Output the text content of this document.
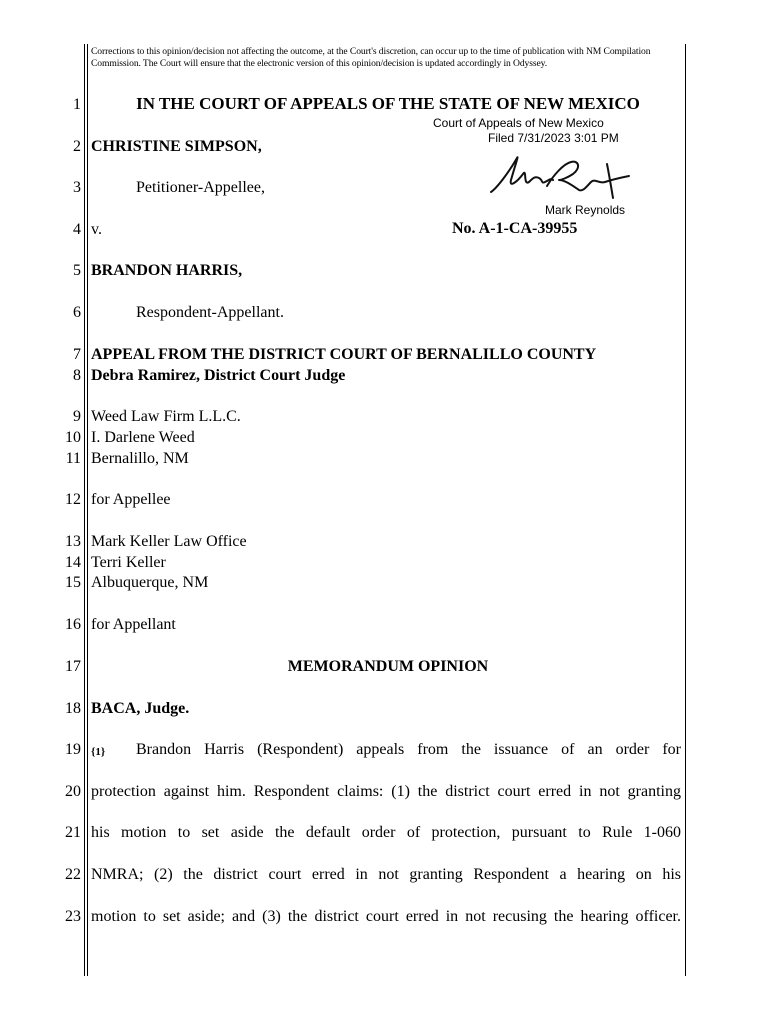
Corrections to this opinion/decision not affecting the outcome, at the Court's discretion, can occur up to the time of publication with NM Compilation Commission. The Court will ensure that the electronic version of this opinion/decision is updated accordingly in Odyssey.
1
2
3
4
5
6
7
8
9
10
11
12
13
14
15
16
17
18
19
20
21
22
23
IN THE COURT OF APPEALS OF THE STATE OF NEW MEXICO
Court of Appeals of New Mexico
Filed 7/31/2023 3:01 PM
Mark Reynolds
CHRISTINE SIMPSON,
Petitioner-Appellee,
v.	No. A-1-CA-39955
BRANDON HARRIS,
Respondent-Appellant.
APPEAL FROM THE DISTRICT COURT OF BERNALILLO COUNTY
Debra Ramirez, District Court Judge
Weed Law Firm L.L.C.
I. Darlene Weed
Bernalillo, NM
for Appellee
Mark Keller Law Office
Terri Keller
Albuquerque, NM
for Appellant
MEMORANDUM OPINION
BACA, Judge.
{1} Brandon Harris (Respondent) appeals from the issuance of an order for
protection against him. Respondent claims: (1) the district court erred in not granting
his motion to set aside the default order of protection, pursuant to Rule 1-060
NMRA; (2) the district court erred in not granting Respondent a hearing on his
motion to set aside; and (3) the district court erred in not recusing the hearing officer.
